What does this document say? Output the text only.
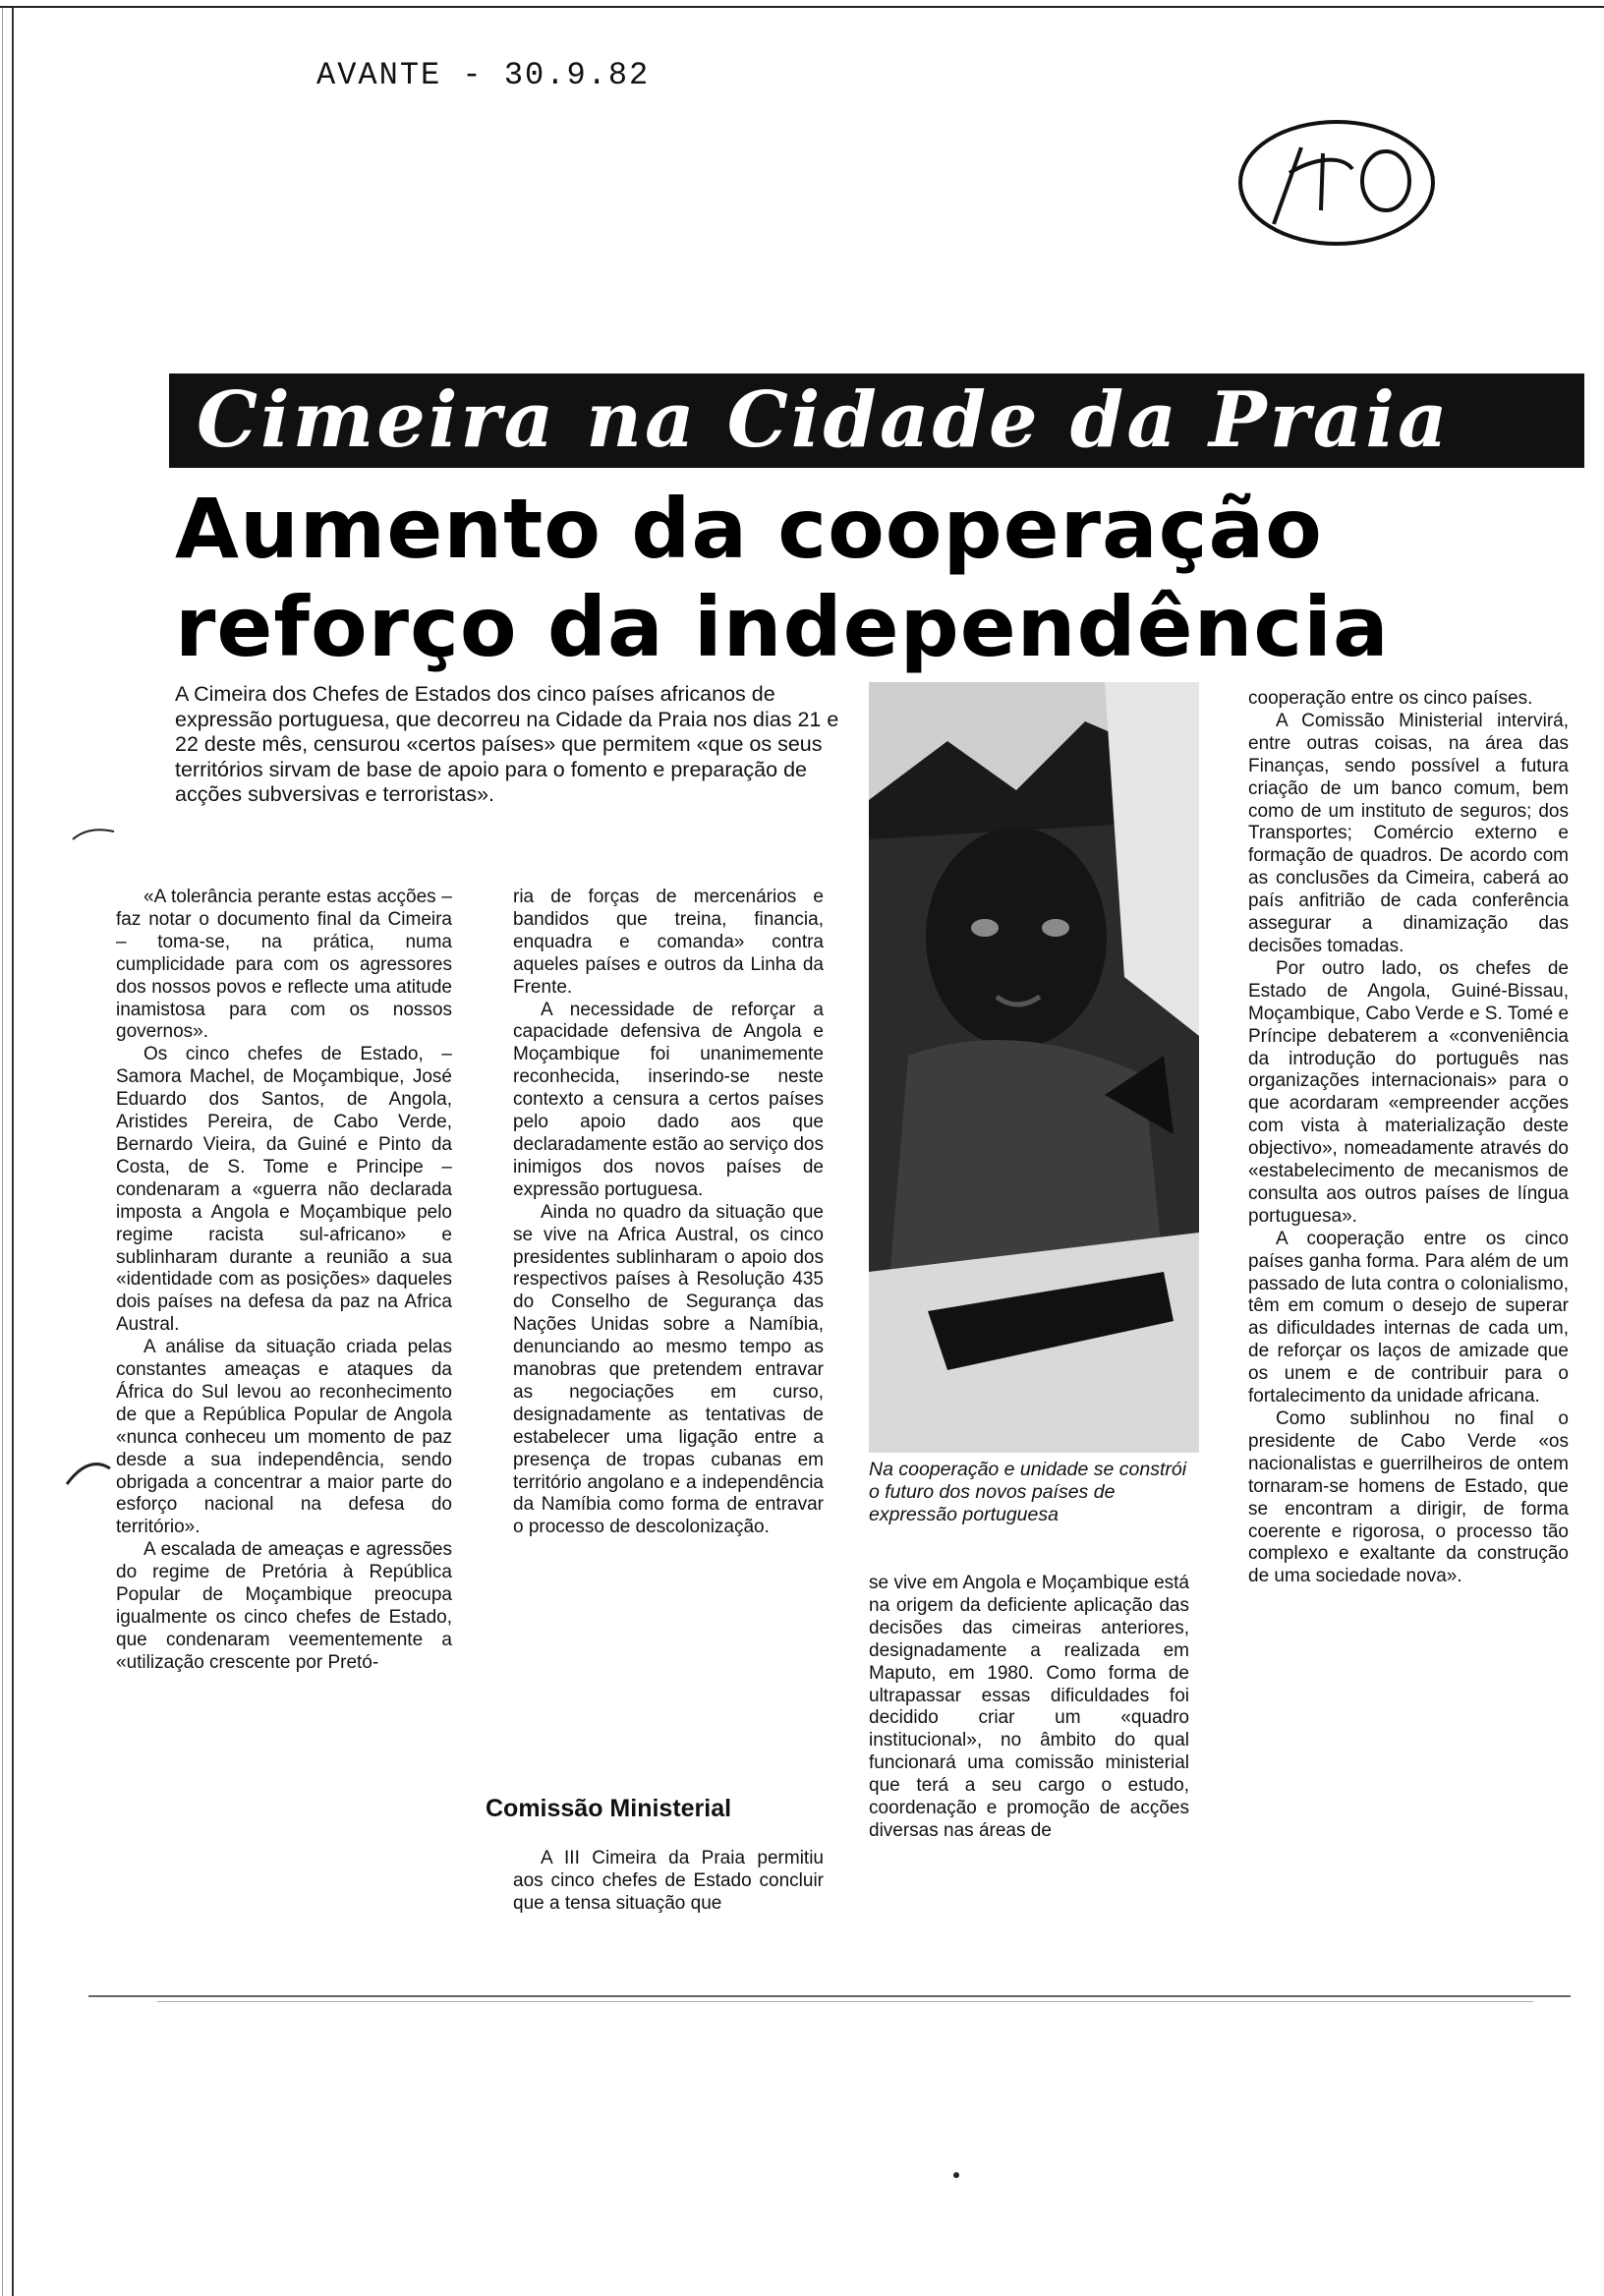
AVANTE - 30.9.82
Cimeira na Cidade da Praia
Aumento da cooperação
reforço da independência
A Cimeira dos Chefes de Estados dos cinco países africanos de expressão portuguesa, que decorreu na Cidade da Praia nos dias 21 e 22 deste mês, censurou «certos países» que permitem «que os seus territórios sirvam de base de apoio para o fomento e preparação de acções subversivas e terroristas».

«A tolerância perante estas acções – faz notar o documento final da Cimeira – toma-se, na prática, numa cumplicidade para com os agressores dos nossos povos e reflecte uma atitude inamistosa para com os nossos governos».

Os cinco chefes de Estado, – Samora Machel, de Moçambique, José Eduardo dos Santos, de Angola, Aristides Pereira, de Cabo Verde, Bernardo Vieira, da Guiné e Pinto da Costa, de S. Tome e Principe – condenaram a «guerra não declarada imposta a Angola e Moçambique pelo regime racista sul-africano» e sublinharam durante a reunião a sua «identidade com as posições» daqueles dois países na defesa da paz na Africa Austral.

A análise da situação criada pelas constantes ameaças e ataques da África do Sul levou ao reconhecimento de que a República Popular de Angola «nunca conheceu um momento de paz desde a sua independência, sendo obrigada a concentrar a maior parte do esforço nacional na defesa do território».

A escalada de ameaças e agressões do regime de Pretória à República Popular de Moçambique preocupa igualmente os cinco chefes de Estado, que condenaram veementemente a «utilização crescente por Pretó-

ria de forças de mercenários e bandidos que treina, financia, enquadra e comanda» contra aqueles países e outros da Linha da Frente.

A necessidade de reforçar a capacidade defensiva de Angola e Moçambique foi unanimemente reconhecida, inserindo-se neste contexto a censura a certos países pelo apoio dado aos que declaradamente estão ao serviço dos inimigos dos novos países de expressão portuguesa.

Ainda no quadro da situação que se vive na Africa Austral, os cinco presidentes sublinharam o apoio dos respectivos países à Resolução 435 do Conselho de Segurança das Nações Unidas sobre a Namíbia, denunciando ao mesmo tempo as manobras que pretendem entravar as negociações em curso, designadamente as tentativas de estabelecer uma ligação entre a presença de tropas cubanas em território angolano e a independência da Namíbia como forma de entravar o processo de descolonização.

Comissão Ministerial

A III Cimeira da Praia permitiu aos cinco chefes de Estado concluir que a tensa situação que

Na cooperação e unidade se constrói o futuro dos novos países de expressão portuguesa

se vive em Angola e Moçambique está na origem da deficiente aplicação das decisões das cimeiras anteriores, designadamente a realizada em Maputo, em 1980. Como forma de ultrapassar essas dificuldades foi decidido criar um «quadro institucional», no âmbito do qual funcionará uma comissão ministerial que terá a seu cargo o estudo, coordenação e promoção de acções diversas nas áreas de

cooperação entre os cinco países.

A Comissão Ministerial intervirá, entre outras coisas, na área das Finanças, sendo possível a futura criação de um banco comum, bem como de um instituto de seguros; dos Transportes; Comércio externo e formação de quadros. De acordo com as conclusões da Cimeira, caberá ao país anfitrião de cada conferência assegurar a dinamização das decisões tomadas.

Por outro lado, os chefes de Estado de Angola, Guiné-Bissau, Moçambique, Cabo Verde e S. Tomé e Príncipe debaterem a «conveniência da introdução do português nas organizações internacionais» para o que acordaram «empreender acções com vista à materialização deste objectivo», nomeadamente através do «estabelecimento de mecanismos de consulta aos outros países de língua portuguesa».

A cooperação entre os cinco países ganha forma. Para além de um passado de luta contra o colonialismo, têm em comum o desejo de superar as dificuldades internas de cada um, de reforçar os laços de amizade que os unem e de contribuir para o fortalecimento da unidade africana.

Como sublinhou no final o presidente de Cabo Verde «os nacionalistas e guerrilheiros de ontem tornaram-se homens de Estado, que se encontram a dirigir, de forma coerente e rigorosa, o processo tão complexo e exaltante da construção de uma sociedade nova».
